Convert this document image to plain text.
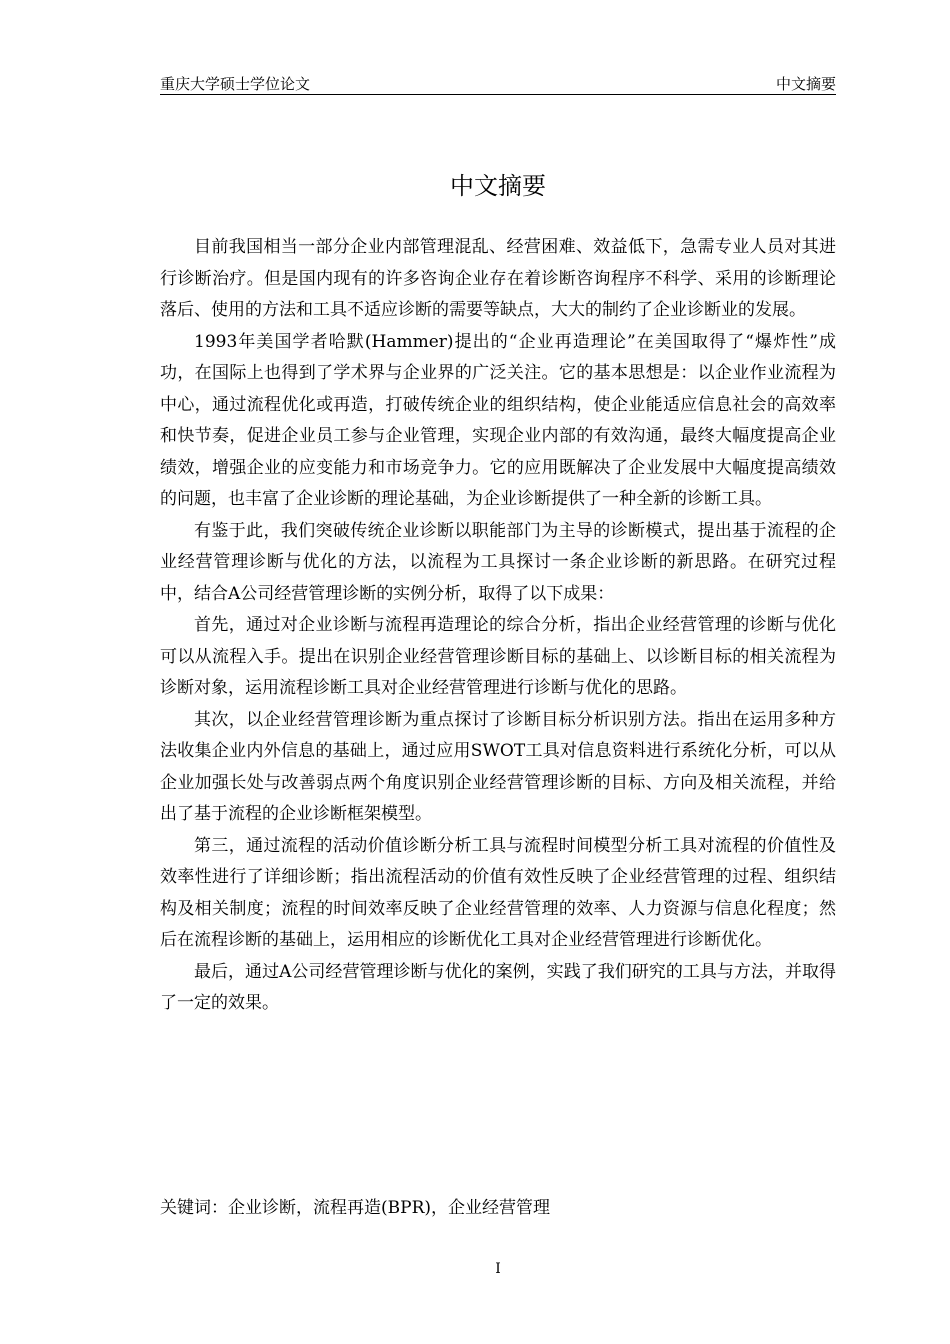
重庆大学硕士学位论文	中文摘要
中文摘要

目前我国相当一部分企业内部管理混乱、经营困难、效益低下，急需专业人员对其进行诊断治疗。但是国内现有的许多咨询企业存在着诊断咨询程序不科学、采用的诊断理论落后、使用的方法和工具不适应诊断的需要等缺点，大大的制约了企业诊断业的发展。

1993年美国学者哈默(Hammer)提出的“企业再造理论”在美国取得了“爆炸性”成功，在国际上也得到了学术界与企业界的广泛关注。它的基本思想是：以企业作业流程为中心，通过流程优化或再造，打破传统企业的组织结构，使企业能适应信息社会的高效率和快节奏，促进企业员工参与企业管理，实现企业内部的有效沟通，最终大幅度提高企业绩效，增强企业的应变能力和市场竞争力。它的应用既解决了企业发展中大幅度提高绩效的问题，也丰富了企业诊断的理论基础，为企业诊断提供了一种全新的诊断工具。

有鉴于此，我们突破传统企业诊断以职能部门为主导的诊断模式，提出基于流程的企业经营管理诊断与优化的方法，以流程为工具探讨一条企业诊断的新思路。在研究过程中，结合A公司经营管理诊断的实例分析，取得了以下成果：

首先，通过对企业诊断与流程再造理论的综合分析，指出企业经营管理的诊断与优化可以从流程入手。提出在识别企业经营管理诊断目标的基础上、以诊断目标的相关流程为诊断对象，运用流程诊断工具对企业经营管理进行诊断与优化的思路。

其次，以企业经营管理诊断为重点探讨了诊断目标分析识别方法。指出在运用多种方法收集企业内外信息的基础上，通过应用SWOT工具对信息资料进行系统化分析，可以从企业加强长处与改善弱点两个角度识别企业经营管理诊断的目标、方向及相关流程，并给出了基于流程的企业诊断框架模型。

第三，通过流程的活动价值诊断分析工具与流程时间模型分析工具对流程的价值性及效率性进行了详细诊断；指出流程活动的价值有效性反映了企业经营管理的过程、组织结构及相关制度；流程的时间效率反映了企业经营管理的效率、人力资源与信息化程度；然后在流程诊断的基础上，运用相应的诊断优化工具对企业经营管理进行诊断优化。

最后，通过A公司经营管理诊断与优化的案例，实践了我们研究的工具与方法，并取得了一定的效果。

关键词：企业诊断，流程再造(BPR)，企业经营管理
I
